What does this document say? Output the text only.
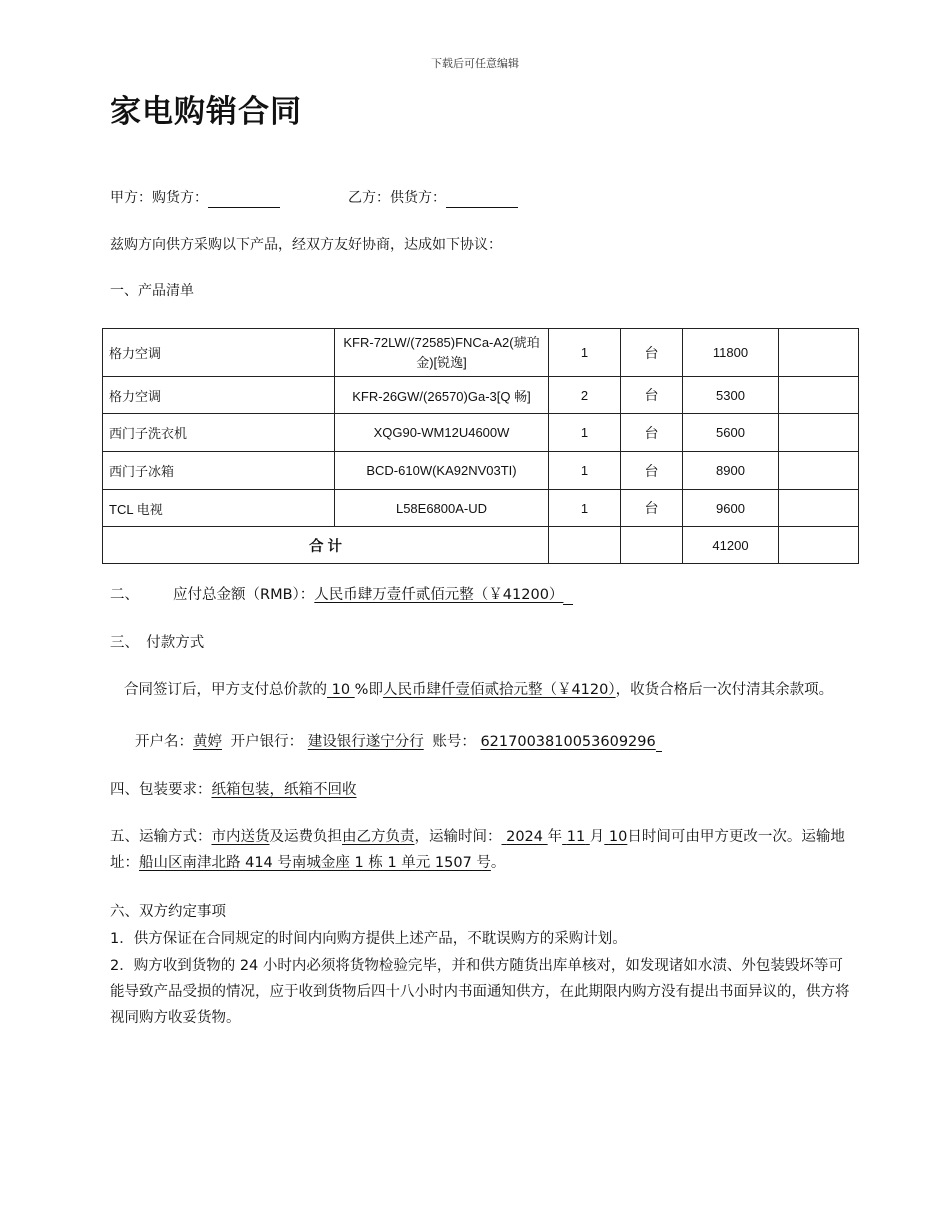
下载后可任意编辑
家电购销合同
甲方：购货方：	乙方：供货方：
兹购方向供方采购以下产品，经双方友好协商，达成如下协议：
一、产品清单
格力空调	KFR-72LW/(72585)FNCa-A2(琥珀金)[锐逸]	1	台	11800	
格力空调	KFR-26GW/(26570)Ga-3[Q 畅]	2	台	5300	
西门子洗衣机	XQG90-WM12U4600W	1	台	5600	
西门子冰箱	BCD-610W(KA92NV03TI)	1	台	8900	
TCL 电视	L58E6800A-UD	1	台	9600	
合 计				41200	
二、 应付总金额（RMB）：人民币肆万壹仟贰佰元整（￥41200）
三、　付款方式
合同签订后，甲方支付总价款的 10 %即人民币肆仟壹佰贰拾元整（￥4120），收货合格后一次付清其余款项。
开户名：黄婷 开户银行： 建设银行遂宁分行 账号： 6217003810053609296
四、包装要求：纸箱包装，纸箱不回收
五、运输方式：市内送货及运费负担由乙方负责，运输时间： 2024 年 11 月 10日时间可由甲方更改一次。运输地址：船山区南津北路 414 号南城金座 1 栋 1 单元 1507 号。
六、双方约定事项
1．供方保证在合同规定的时间内向购方提供上述产品，不耽误购方的采购计划。
2．购方收到货物的 24 小时内必须将货物检验完毕，并和供方随货出库单核对，如发现诸如水渍、外包装毁坏等可能导致产品受损的情况，应于收到货物后四十八小时内书面通知供方，在此期限内购方没有提出书面异议的，供方将视同购方收妥货物。
